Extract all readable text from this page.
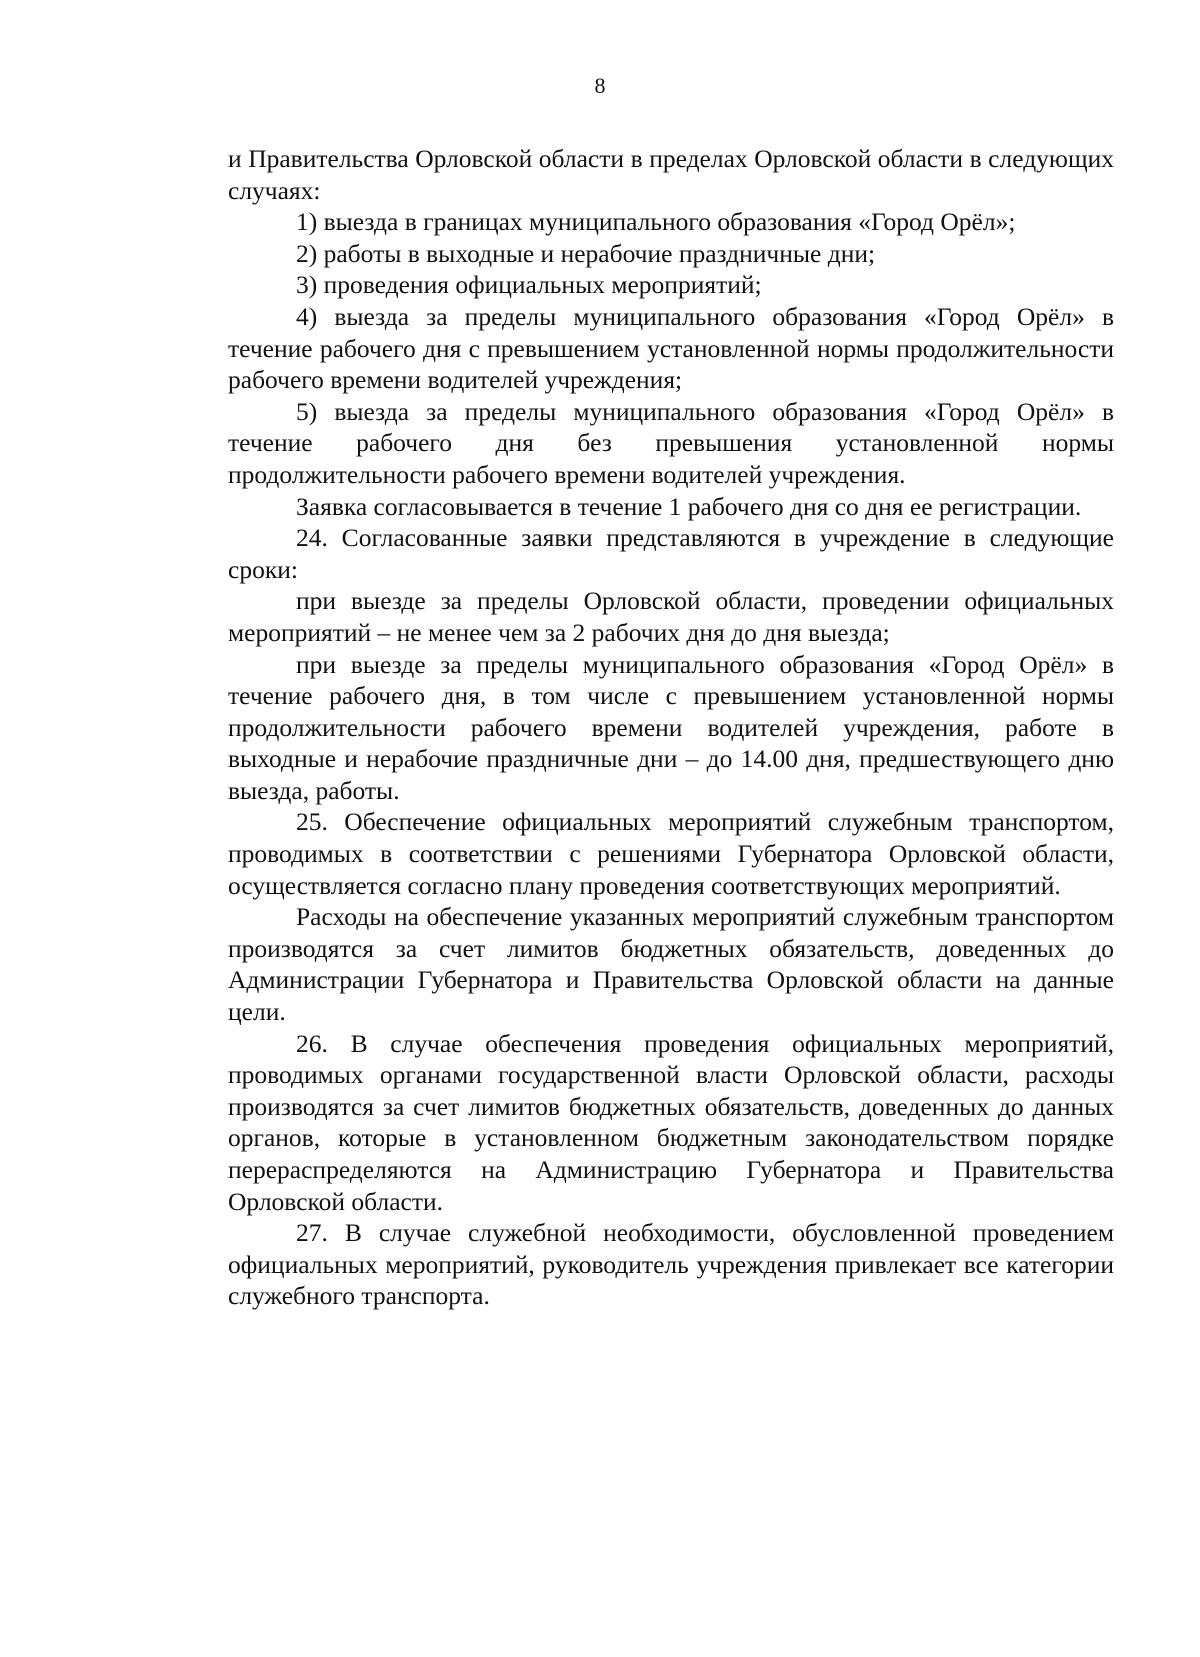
8

и Правительства Орловской области в пределах Орловской области в следующих случаях:

1) выезда в границах муниципального образования «Город Орёл»;

2) работы в выходные и нерабочие праздничные дни;

3) проведения официальных мероприятий;

4) выезда за пределы муниципального образования «Город Орёл» в течение рабочего дня с превышением установленной нормы продолжительности рабочего времени водителей учреждения;

5) выезда за пределы муниципального образования «Город Орёл» в течение рабочего дня без превышения установленной нормы продолжительности рабочего времени водителей учреждения.

Заявка согласовывается в течение 1 рабочего дня со дня ее регистрации.

24. Согласованные заявки представляются в учреждение в следующие сроки:

при выезде за пределы Орловской области, проведении официальных мероприятий – не менее чем за 2 рабочих дня до дня выезда;

при выезде за пределы муниципального образования «Город Орёл» в течение рабочего дня, в том числе с превышением установленной нормы продолжительности рабочего времени водителей учреждения, работе в выходные и нерабочие праздничные дни – до 14.00 дня, предшествующего дню выезда, работы.

25. Обеспечение официальных мероприятий служебным транспортом, проводимых в соответствии с решениями Губернатора Орловской области, осуществляется согласно плану проведения соответствующих мероприятий.

Расходы на обеспечение указанных мероприятий служебным транспортом производятся за счет лимитов бюджетных обязательств, доведенных до Администрации Губернатора и Правительства Орловской области на данные цели.

26. В случае обеспечения проведения официальных мероприятий, проводимых органами государственной власти Орловской области, расходы производятся за счет лимитов бюджетных обязательств, доведенных до данных органов, которые в установленном бюджетным законодательством порядке перераспределяются на Администрацию Губернатора и Правительства Орловской области.

27. В случае служебной необходимости, обусловленной проведением официальных мероприятий, руководитель учреждения привлекает все категории служебного транспорта.
